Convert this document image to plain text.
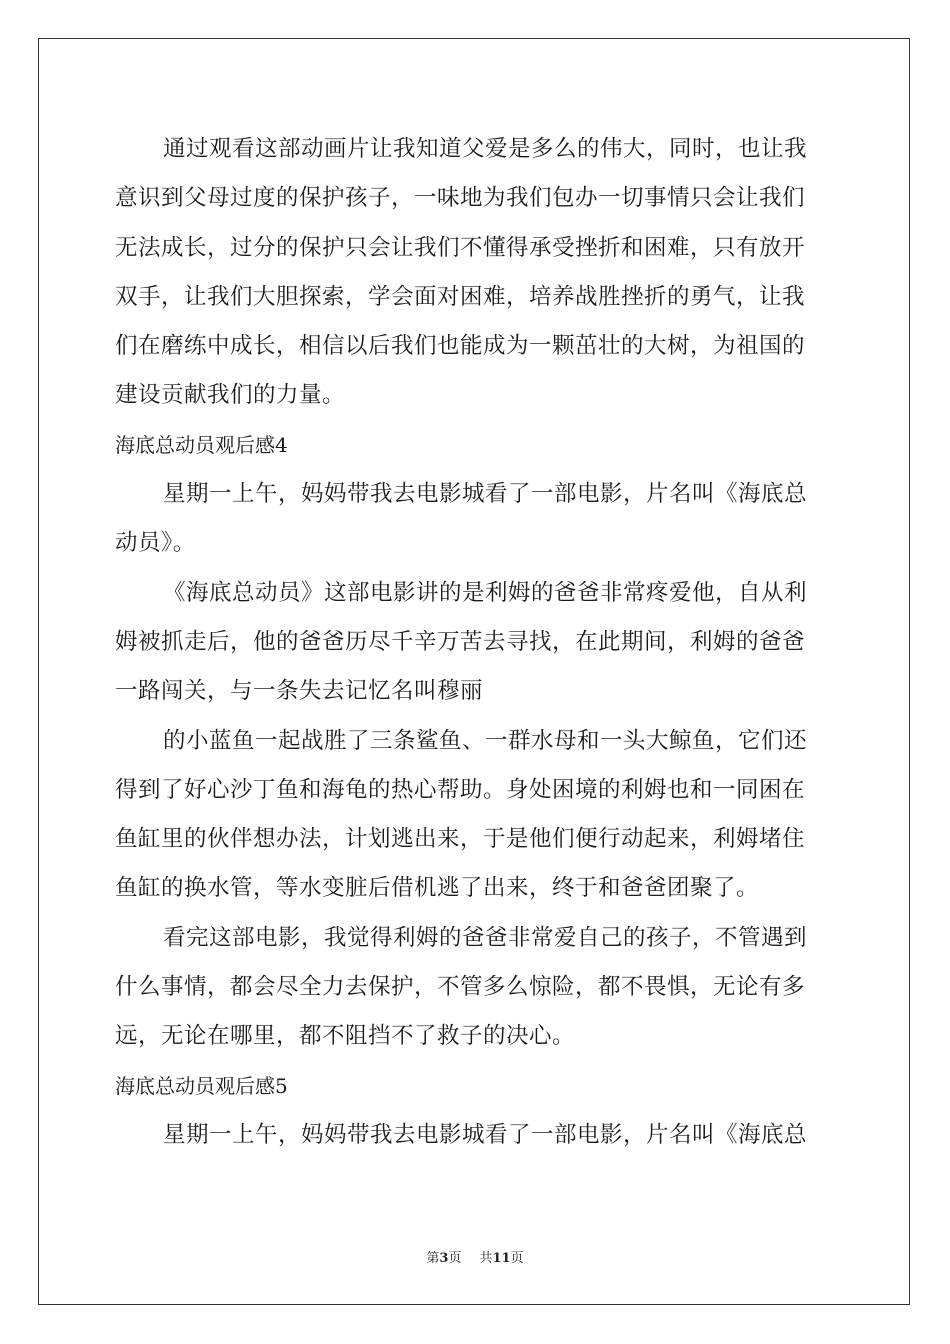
通过观看这部动画片让我知道父爱是多么的伟大，同时，也让我
意识到父母过度的保护孩子，一味地为我们包办一切事情只会让我们
无法成长，过分的保护只会让我们不懂得承受挫折和困难，只有放开
双手，让我们大胆探索，学会面对困难，培养战胜挫折的勇气，让我
们在磨练中成长，相信以后我们也能成为一颗茁壮的大树，为祖国的
建设贡献我们的力量。
海底总动员观后感4
星期一上午，妈妈带我去电影城看了一部电影，片名叫《海底总
动员》。
《海底总动员》这部电影讲的是利姆的爸爸非常疼爱他，自从利
姆被抓走后，他的爸爸历尽千辛万苦去寻找，在此期间，利姆的爸爸
一路闯关，与一条失去记忆名叫穆丽
的小蓝鱼一起战胜了三条鲨鱼、一群水母和一头大鲸鱼，它们还
得到了好心沙丁鱼和海龟的热心帮助。身处困境的利姆也和一同困在
鱼缸里的伙伴想办法，计划逃出来，于是他们便行动起来，利姆堵住
鱼缸的换水管，等水变脏后借机逃了出来，终于和爸爸团聚了。
看完这部电影，我觉得利姆的爸爸非常爱自己的孩子，不管遇到
什么事情，都会尽全力去保护，不管多么惊险，都不畏惧，无论有多
远，无论在哪里，都不阻挡不了救子的决心。
海底总动员观后感5
星期一上午，妈妈带我去电影城看了一部电影，片名叫《海底总
第3页 共11页
